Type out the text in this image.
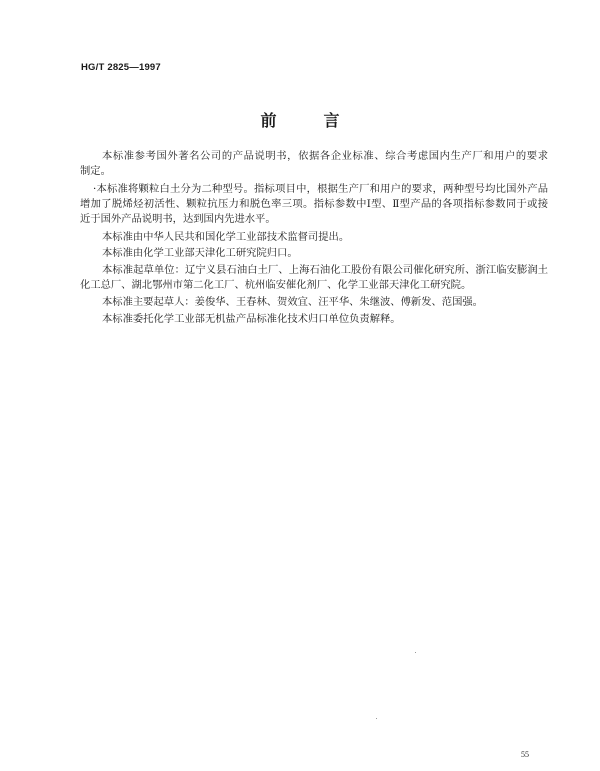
HG/T 2825—1997
前	言
本标准参考国外著名公司的产品说明书，依据各企业标准、综合考虑国内生产厂和用户的要求
制定。
·本标准将颗粒白土分为二种型号。指标项目中，根据生产厂和用户的要求，两种型号均比国外产品
增加了脱烯烃初活性、颗粒抗压力和脱色率三项。指标参数中Ⅰ型、Ⅱ型产品的各项指标参数同于或接
近于国外产品说明书，达到国内先进水平。
本标准由中华人民共和国化学工业部技术监督司提出。
本标准由化学工业部天津化工研究院归口。
本标准起草单位：辽宁义县石油白土厂、上海石油化工股份有限公司催化研究所、浙江临安膨润土
化工总厂、湖北鄂州市第二化工厂、杭州临安催化剂厂、化学工业部天津化工研究院。
本标准主要起草人：姜俊华、王春林、贺效宜、汪平华、朱继波、傅新发、范国强。
本标准委托化学工业部无机盐产品标准化技术归口单位负责解释。
55
